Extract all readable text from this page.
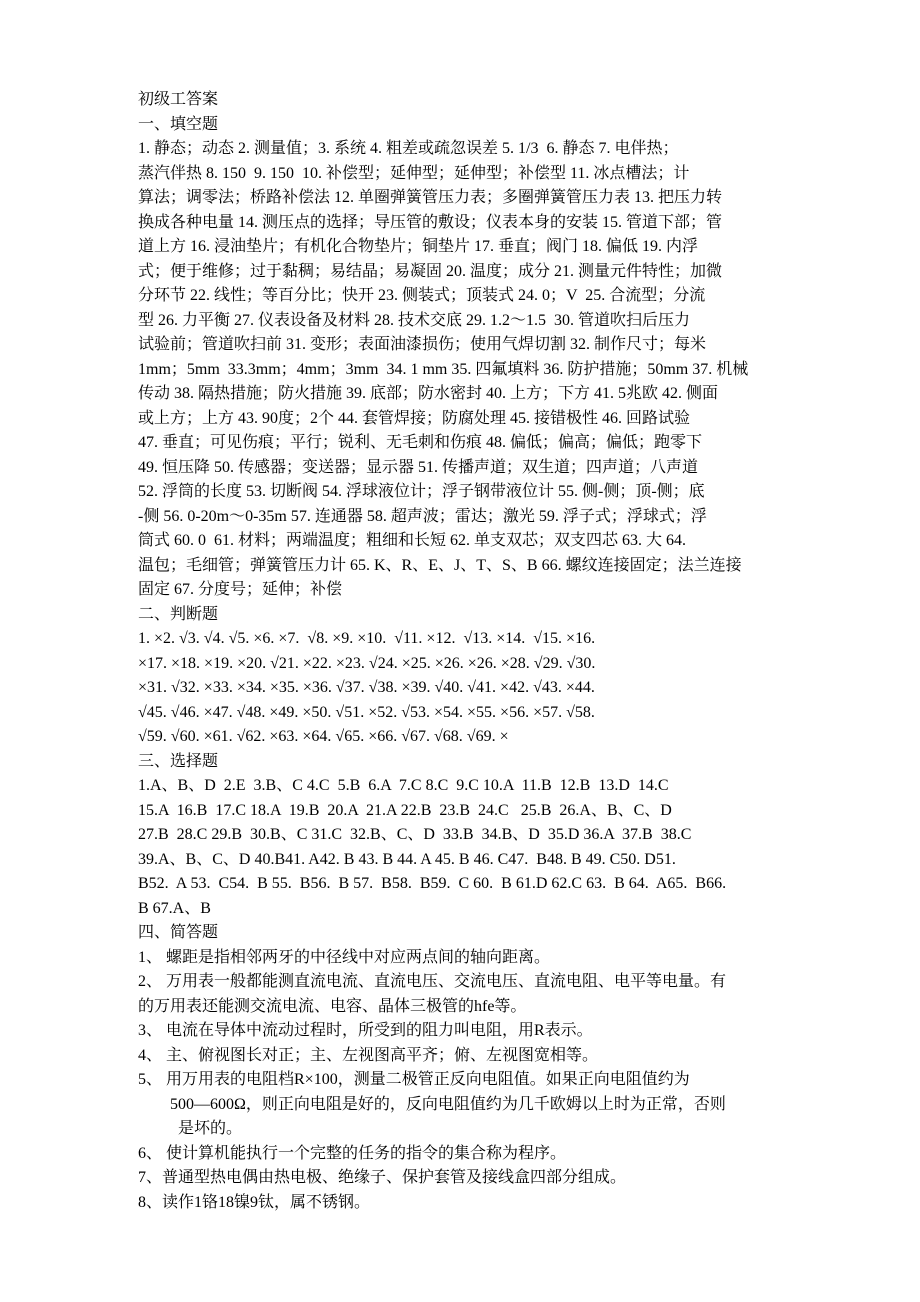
初级工答案
一、填空题
1. 静态；动态 2. 测量值；3. 系统 4. 粗差或疏忽误差 5. 1/3  6. 静态 7. 电伴热；
蒸汽伴热 8. 150  9. 150  10. 补偿型；延伸型；延伸型；补偿型 11. 冰点槽法；计
算法；调零法；桥路补偿法 12. 单圈弹簧管压力表；多圈弹簧管压力表 13. 把压力转
换成各种电量 14. 测压点的选择；导压管的敷设；仪表本身的安装 15. 管道下部；管
道上方 16. 浸油垫片；有机化合物垫片；铜垫片 17. 垂直；阀门 18. 偏低 19. 内浮
式；便于维修；过于黏稠；易结晶；易凝固 20. 温度；成分 21. 测量元件特性；加微
分环节 22. 线性；等百分比；快开 23. 侧装式；顶装式 24. 0；V  25. 合流型；分流
型 26. 力平衡 27. 仪表设备及材料 28. 技术交底 29. 1.2～1.5  30. 管道吹扫后压力
试验前；管道吹扫前 31. 变形；表面油漆损伤；使用气焊切割 32. 制作尺寸；每米
1mm；5mm  33.3mm；4mm；3mm  34. 1 mm 35. 四氟填料 36. 防护措施；50mm 37. 机械
传动 38. 隔热措施；防火措施 39. 底部；防水密封 40. 上方；下方 41. 5兆欧 42. 侧面
或上方；上方 43. 90度；2个 44. 套管焊接；防腐处理 45. 接错极性 46. 回路试验
47. 垂直；可见伤痕；平行；锐利、无毛刺和伤痕 48. 偏低；偏高；偏低；跑零下
49. 恒压降 50. 传感器；变送器；显示器 51. 传播声道；双生道；四声道；八声道
52. 浮筒的长度 53. 切断阀 54. 浮球液位计；浮子钢带液位计 55. 侧-侧；顶-侧；底
-侧 56. 0-20m～0-35m 57. 连通器 58. 超声波；雷达；激光 59. 浮子式；浮球式；浮
筒式 60. 0  61. 材料；两端温度；粗细和长短 62. 单支双芯；双支四芯 63. 大 64.
温包；毛细管；弹簧管压力计 65. K、R、E、J、T、S、B 66. 螺纹连接固定；法兰连接
固定 67. 分度号；延伸；补偿
二、判断题
1. ×2. √3. √4. √5. ×6. ×7.  √8. ×9. ×10.  √11. ×12.  √13. ×14.  √15. ×16.
×17. ×18. ×19. ×20. √21. ×22. ×23. √24. ×25. ×26. ×26. ×28. √29. √30.
×31. √32. ×33. ×34. ×35. ×36. √37. √38. ×39. √40. √41. ×42. √43. ×44.
√45. √46. ×47. √48. ×49. ×50. √51. ×52. √53. ×54. ×55. ×56. ×57. √58.
√59. √60. ×61. √62. ×63. ×64. √65. ×66. √67. √68. √69. ×
三、选择题
1.A、B、D  2.E  3.B、C 4.C  5.B  6.A  7.C 8.C  9.C 10.A  11.B  12.B  13.D  14.C
15.A  16.B  17.C 18.A  19.B  20.A  21.A 22.B  23.B  24.C   25.B  26.A、B、C、D
27.B  28.C 29.B  30.B、C 31.C  32.B、C、D  33.B  34.B、D  35.D 36.A  37.B  38.C
39.A、B、C、D 40.B41. A42. B 43. B 44. A 45. B 46. C47.  B48. B 49. C50. D51.
B52.  A 53.  C54.  B 55.  B56.  B 57.  B58.  B59.  C 60.  B 61.D 62.C 63.  B 64.  A65.  B66.
B 67.A、B
四、简答题
1、 螺距是指相邻两牙的中径线中对应两点间的轴向距离。
2、 万用表一般都能测直流电流、直流电压、交流电压、直流电阻、电平等电量。有
的万用表还能测交流电流、电容、晶体三极管的hfe等。
3、 电流在导体中流动过程时，所受到的阻力叫电阻，用R表示。
4、 主、俯视图长对正；主、左视图高平齐；俯、左视图宽相等。
5、 用万用表的电阻档R×100，测量二极管正反向电阻值。如果正向电阻值约为
500—600Ω，则正向电阻是好的，反向电阻值约为几千欧姆以上时为正常，否则
是坏的。
6、 使计算机能执行一个完整的任务的指令的集合称为程序。
7、普通型热电偶由热电极、绝缘子、保护套管及接线盒四部分组成。
8、读作1铬18镍9钛，属不锈钢。
